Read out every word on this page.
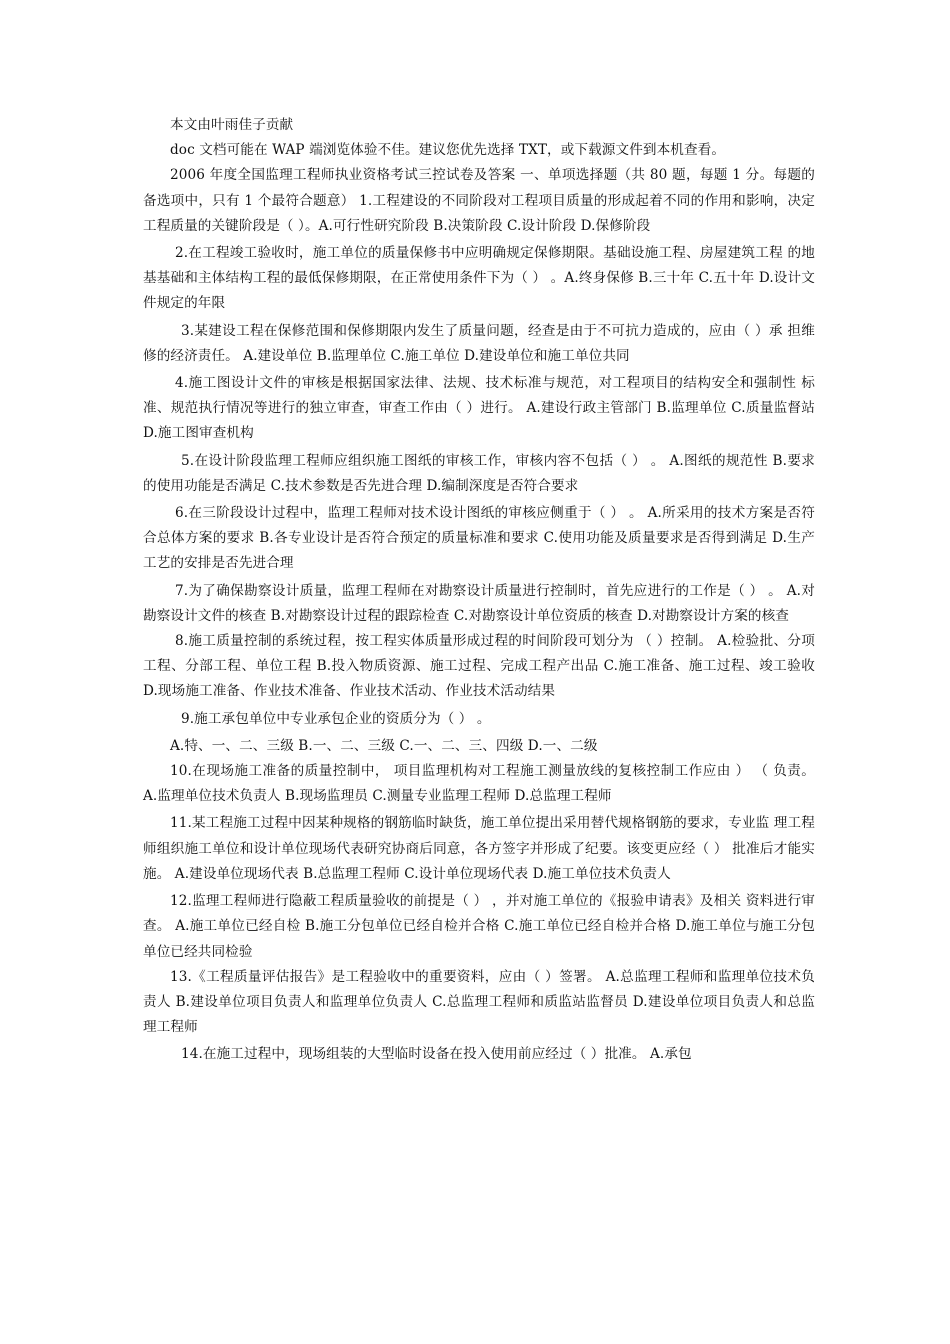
本文由叶雨佳子贡献

doc 文档可能在 WAP 端浏览体验不佳。建议您优先选择 TXT，或下载源文件到本机查看。

2006 年度全国监理工程师执业资格考试三控试卷及答案 一、单项选择题（共 80 题，每题 1 分。每题的备选项中，只有 1 个最符合题意） 1.工程建设的不同阶段对工程项目质量的形成起着不同的作用和影响，决定工程质量的关键阶段是（ ）。A.可行性研究阶段 B.决策阶段 C.设计阶段 D.保修阶段

2.在工程竣工验收时，施工单位的质量保修书中应明确规定保修期限。基础设施工程、房屋建筑工程 的地基基础和主体结构工程的最低保修期限，在正常使用条件下为（ ） 。A.终身保修 B.三十年 C.五十年 D.设计文件规定的年限

3.某建设工程在保修范围和保修期限内发生了质量问题，经查是由于不可抗力造成的，应由（ ）承 担维修的经济责任。 A.建设单位 B.监理单位 C.施工单位 D.建设单位和施工单位共同

4.施工图设计文件的审核是根据国家法律、法规、技术标准与规范，对工程项目的结构安全和强制性 标准、规范执行情况等进行的独立审查，审查工作由（ ）进行。 A.建设行政主管部门 B.监理单位 C.质量监督站 D.施工图审查机构

5.在设计阶段监理工程师应组织施工图纸的审核工作，审核内容不包括（ ） 。 A.图纸的规范性 B.要求的使用功能是否满足 C.技术参数是否先进合理 D.编制深度是否符合要求

6.在三阶段设计过程中，监理工程师对技术设计图纸的审核应侧重于（ ） 。 A.所采用的技术方案是否符合总体方案的要求 B.各专业设计是否符合预定的质量标准和要求 C.使用功能及质量要求是否得到满足 D.生产工艺的安排是否先进合理

7.为了确保勘察设计质量，监理工程师在对勘察设计质量进行控制时，首先应进行的工作是（ ） 。 A.对勘察设计文件的核查 B.对勘察设计过程的跟踪检查 C.对勘察设计单位资质的核查 D.对勘察设计方案的核查

8.施工质量控制的系统过程，按工程实体质量形成过程的时间阶段可划分为 （ ）控制。 A.检验批、分项工程、分部工程、单位工程 B.投入物质资源、施工过程、完成工程产出品 C.施工准备、施工过程、竣工验收 D.现场施工准备、作业技术准备、作业技术活动、作业技术活动结果

9.施工承包单位中专业承包企业的资质分为（ ） 。

A.特、一、二、三级 B.一、二、三级 C.一、二、三、四级 D.一、二级

10.在现场施工准备的质量控制中， 项目监理机构对工程施工测量放线的复核控制工作应由 ） （ 负责。 A.监理单位技术负责人 B.现场监理员 C.测量专业监理工程师 D.总监理工程师

11.某工程施工过程中因某种规格的钢筋临时缺货，施工单位提出采用替代规格钢筋的要求，专业监 理工程师组织施工单位和设计单位现场代表研究协商后同意，各方签字并形成了纪要。该变更应经（ ） 批准后才能实施。 A.建设单位现场代表 B.总监理工程师 C.设计单位现场代表 D.施工单位技术负责人

12.监理工程师进行隐蔽工程质量验收的前提是（ ） ，并对施工单位的《报验申请表》及相关 资料进行审查。 A.施工单位已经自检 B.施工分包单位已经自检并合格 C.施工单位已经自检并合格 D.施工单位与施工分包单位已经共同检验

13.《工程质量评估报告》是工程验收中的重要资料，应由（ ）签署。 A.总监理工程师和监理单位技术负责人 B.建设单位项目负责人和监理单位负责人 C.总监理工程师和质监站监督员 D.建设单位项目负责人和总监理工程师

14.在施工过程中，现场组装的大型临时设备在投入使用前应经过（ ）批准。 A.承包
